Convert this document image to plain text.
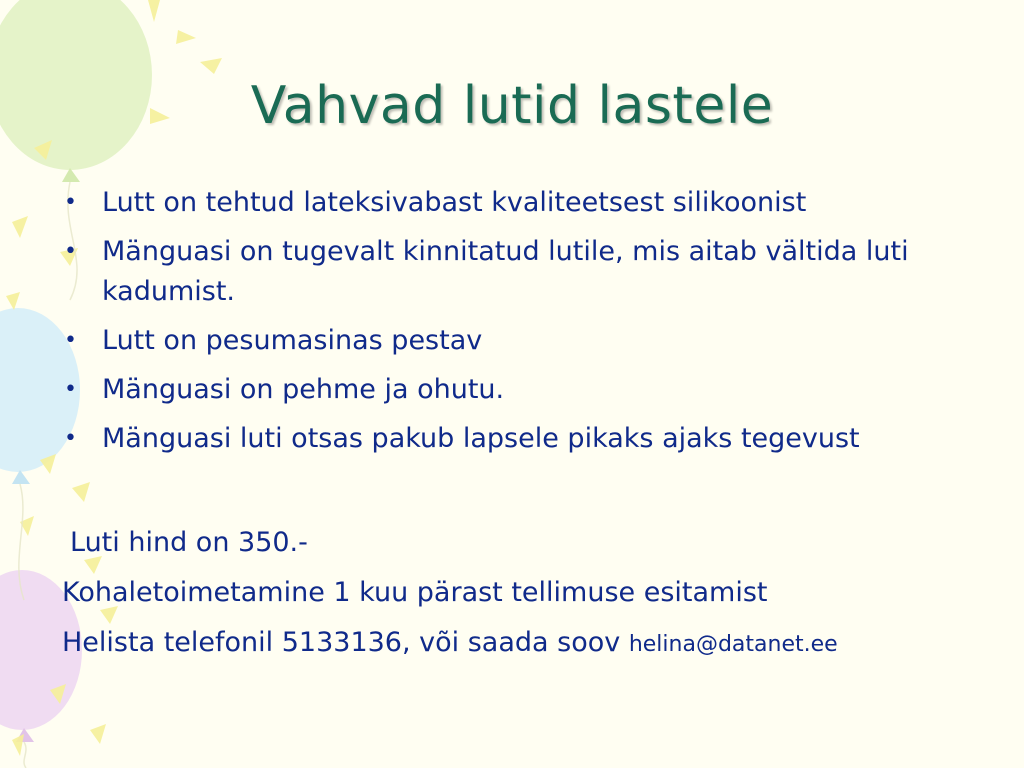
Vahvad lutid lastele
• Lutt on tehtud lateksivabast kvaliteetsest silikoonist
• Mänguasi on tugevalt kinnitatud lutile, mis aitab vältida luti kadumist.
• Lutt on pesumasinas pestav
• Mänguasi on pehme ja ohutu.
• Mänguasi luti otsas pakub lapsele pikaks ajaks tegevust
Luti hind on 350.-
Kohaletoimetamine 1 kuu pärast tellimuse esitamist
Helista telefonil 5133136, või saada soov helina@datanet.ee
